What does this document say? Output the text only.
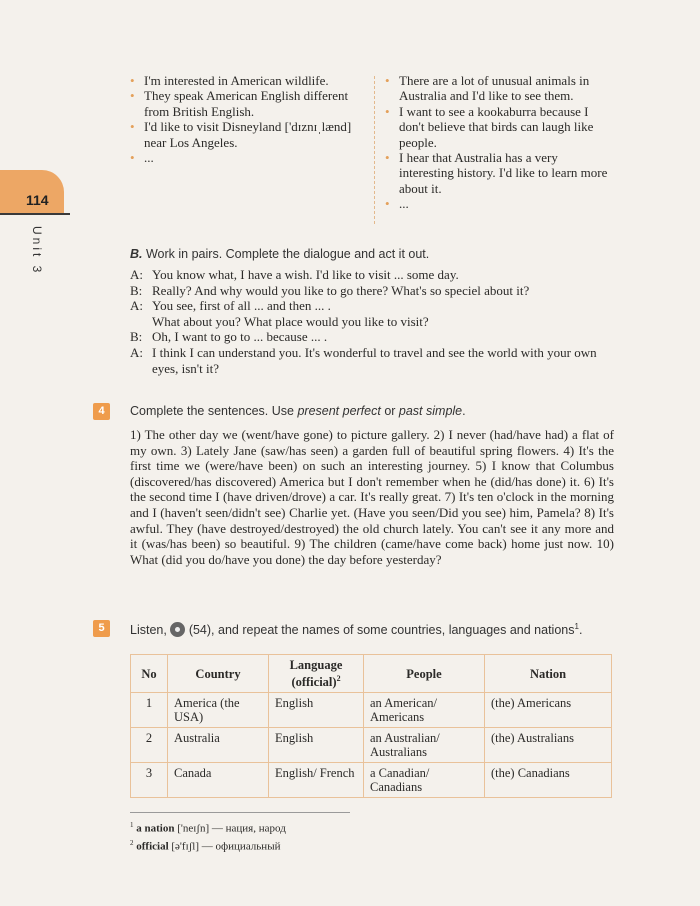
114
Unit 3
• I'm interested in American wildlife.
• They speak American English different from British English.
• I'd like to visit Disneyland ['dɪznɪˌlænd] near Los Angeles.
• ...
• There are a lot of unusual animals in Australia and I'd like to see them.
• I want to see a kookaburra because I don't believe that birds can laugh like people.
• I hear that Australia has a very interesting history. I'd like to learn more about it.
• ...
B. Work in pairs. Complete the dialogue and act it out.
A: You know what, I have a wish. I'd like to visit ... some day.
B: Really? And why would you like to go there? What's so speciel about it?
A: You see, first of all ... and then ... .
What about you? What place would you like to visit?
B: Oh, I want to go to ... because ... .
A: I think I can understand you. It's wonderful to travel and see the world with your own eyes, isn't it?
4	Complete the sentences. Use present perfect or past simple.
1) The other day we (went/have gone) to picture gallery. 2) I never (had/have had) a flat of my own. 3) Lately Jane (saw/has seen) a garden full of beautiful spring flowers. 4) It's the first time we (were/have been) on such an interesting journey. 5) I know that Columbus (discovered/has discovered) America but I don't remember when he (did/has done) it. 6) It's the second time I (have driven/drove) a car. It's really great. 7) It's ten o'clock in the morning and I (haven't seen/didn't see) Charlie yet. (Have you seen/Did you see) him, Pamela? 8) It's awful. They (have destroyed/destroyed) the old church lately. You can't see it any more and it (was/has been) so beautiful. 9) The children (came/have come back) home just now. 10) What (did you do/have you done) the day before yesterday?
5	Listen, (54), and repeat the names of some countries, languages and nations$^1$.
No	Country	Language (official)$^2$	People	Nation
1	America (the USA)	English	an American/ Americans	(the) Americans
2	Australia	English	an Australian/ Australians	(the) Australians
3	Canada	English/ French	a Canadian/ Canadians	(the) Canadians
$^1$ a nation ['neɪʃn] — нация, народ
$^2$ official [ə'fɪʃl] — официальный
